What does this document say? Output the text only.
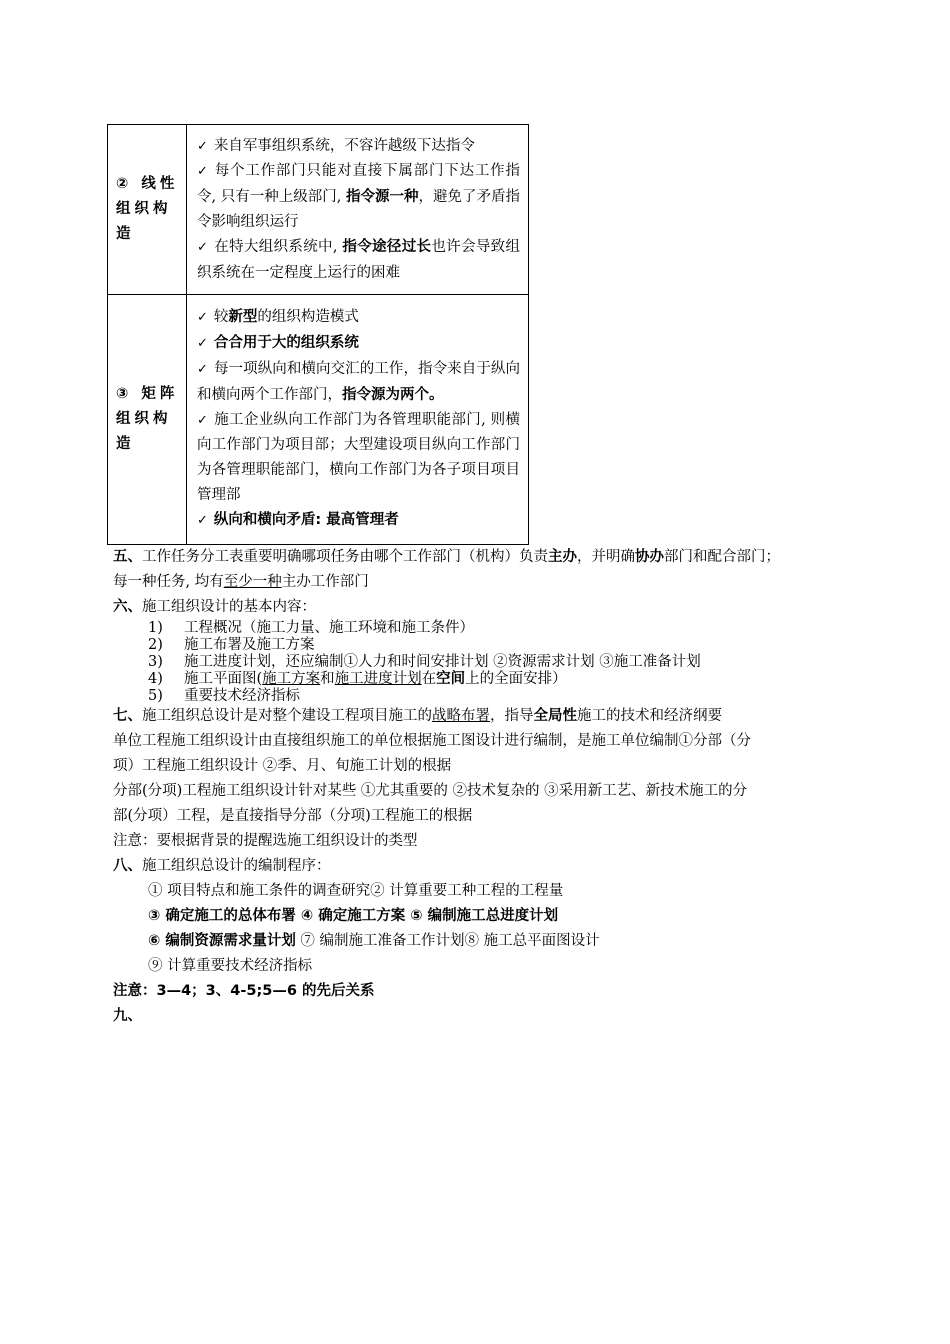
② 线性组织构造	✓ 来自军事组织系统，不容许越级下达指令
✓ 每个工作部门只能对直接下属部门下达工作指令, 只有一种上级部门, 指令源一种，避免了矛盾指令影响组织运行
✓ 在特大组织系统中, 指令途径过长也许会导致组织系统在一定程度上运行的困难

③ 矩阵组织构造	✓ 较新型的组织构造模式
✓ 合合用于大的组织系统
✓ 每一项纵向和横向交汇的工作，指令来自于纵向和横向两个工作部门，指令源为两个。
✓ 施工企业纵向工作部门为各管理职能部门, 则横向工作部门为项目部；大型建设项目纵向工作部门为各管理职能部门，横向工作部门为各子项目项目管理部
✓ 纵向和横向矛盾: 最高管理者
五、工作任务分工表重要明确哪项任务由哪个工作部门（机构）负责主办，并明确协办部门和配合部门；
每一种任务, 均有至少一种主办工作部门
六、施工组织设计的基本内容：
1) 工程概况（施工力量、施工环境和施工条件）
2) 施工布署及施工方案
3) 施工进度计划，还应编制①人力和时间安排计划 ②资源需求计划 ③施工准备计划
4) 施工平面图(施工方案和施工进度计划在空间上的全面安排）
5) 重要技术经济指标
七、施工组织总设计是对整个建设工程项目施工的战略布署，指导全局性施工的技术和经济纲要
单位工程施工组织设计由直接组织施工的单位根据施工图设计进行编制，是施工单位编制①分部（分
项）工程施工组织设计 ②季、月、旬施工计划的根据
分部(分项)工程施工组织设计针对某些 ①尤其重要的 ②技术复杂的 ③采用新工艺、新技术施工的分
部(分项）工程，是直接指导分部（分项)工程施工的根据
注意：要根据背景的提醒选施工组织设计的类型
八、施工组织总设计的编制程序：
① 项目特点和施工条件的调查研究② 计算重要工种工程的工程量
③ 确定施工的总体布署 ④ 确定施工方案 ⑤ 编制施工总进度计划
⑥ 编制资源需求量计划 ⑦ 编制施工准备工作计划⑧ 施工总平面图设计
⑨ 计算重要技术经济指标
注意：3—4；3、4-5;5—6 的先后关系
九、
